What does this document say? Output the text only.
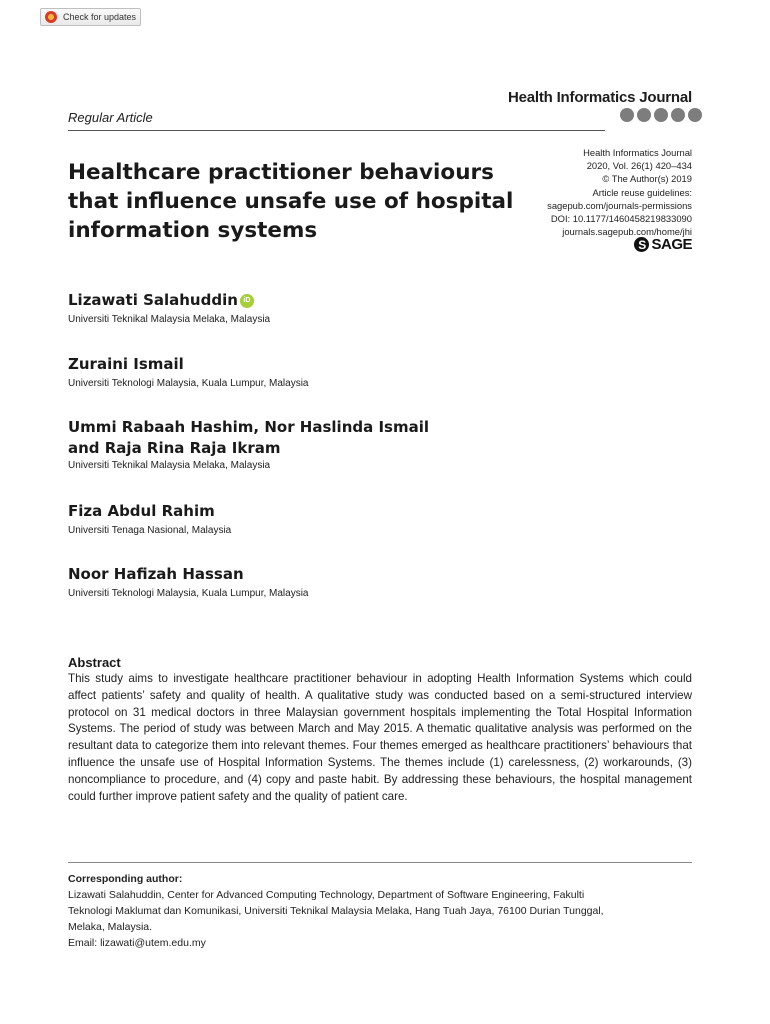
Check for updates
Regular Article
Health Informatics Journal
Healthcare practitioner behaviours that influence unsafe use of hospital information systems
Health Informatics Journal
2020, Vol. 26(1) 420–434
© The Author(s) 2019
Article reuse guidelines:
sagepub.com/journals-permissions
DOI: 10.1177/1460458219833090
journals.sagepub.com/home/jhi
S SAGE
Lizawati Salahuddin iD
Universiti Teknikal Malaysia Melaka, Malaysia
Zuraini Ismail
Universiti Teknologi Malaysia, Kuala Lumpur, Malaysia
Ummi Rabaah Hashim, Nor Haslinda Ismail
and Raja Rina Raja Ikram
Universiti Teknikal Malaysia Melaka, Malaysia
Fiza Abdul Rahim
Universiti Tenaga Nasional, Malaysia
Noor Hafizah Hassan
Universiti Teknologi Malaysia, Kuala Lumpur, Malaysia
Abstract

This study aims to investigate healthcare practitioner behaviour in adopting Health Information Systems which could affect patients’ safety and quality of health. A qualitative study was conducted based on a semi-structured interview protocol on 31 medical doctors in three Malaysian government hospitals implementing the Total Hospital Information Systems. The period of study was between March and May 2015. A thematic qualitative analysis was performed on the resultant data to categorize them into relevant themes. Four themes emerged as healthcare practitioners’ behaviours that influence the unsafe use of Hospital Information Systems. The themes include (1) carelessness, (2) workarounds, (3) noncompliance to procedure, and (4) copy and paste habit. By addressing these behaviours, the hospital management could further improve patient safety and the quality of patient care.

Corresponding author:
Lizawati Salahuddin, Center for Advanced Computing Technology, Department of Software Engineering, Fakulti
Teknologi Maklumat dan Komunikasi, Universiti Teknikal Malaysia Melaka, Hang Tuah Jaya, 76100 Durian Tunggal,
Melaka, Malaysia.
Email: lizawati@utem.edu.my
